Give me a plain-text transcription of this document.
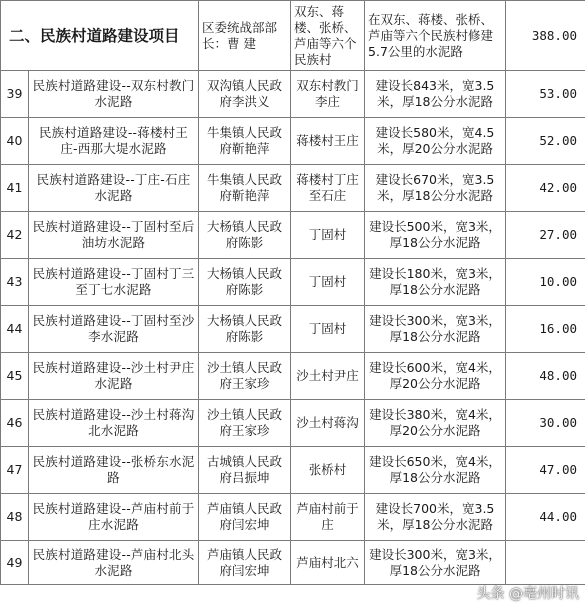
二、民族村道路建设项目		区委统战部部长：曹 建	双东、蒋楼、张桥、芦庙等六个民族村	在双东、蒋楼、张桥、芦庙等六个民族村修建5.7公里的水泥路	388.00
39	民族村道路建设--双东村教门水泥路	双沟镇人民政府李洪义	双东村教门李庄	建设长843米，宽3.5米，厚18公分水泥路	53.00
40	民族村道路建设--蒋楼村王庄-西那大堤水泥路	牛集镇人民政府靳艳萍	蒋楼村王庄	建设长580米，宽4.5米，厚20公分水泥路	52.00
41	民族村道路建设--丁庄-石庄水泥路	牛集镇人民政府靳艳萍	蒋楼村丁庄至石庄	建设长670米，宽3.5米，厚18公分水泥路	42.00
42	民族村道路建设--丁固村至后油坊水泥路	大杨镇人民政府陈影	丁固村	建设长500米，宽3米，厚18公分水泥路	27.00
43	民族村道路建设--丁固村丁三至丁七水泥路	大杨镇人民政府陈影	丁固村	建设长180米，宽3米，厚18公分水泥路	10.00
44	民族村道路建设--丁固村至沙李水泥路	大杨镇人民政府陈影	丁固村	建设长300米，宽3米，厚18公分水泥路	16.00
45	民族村道路建设--沙土村尹庄水泥路	沙土镇人民政府王家珍	沙土村尹庄	建设长600米，宽4米，厚20公分水泥路	48.00
46	民族村道路建设--沙土村蒋沟北水泥路	沙土镇人民政府王家珍	沙土村蒋沟	建设长380米，宽4米，厚20公分水泥路	30.00
47	民族村道路建设--张桥东水泥路	古城镇人民政府吕振坤	张桥村	建设长650米，宽4米，厚18公分水泥路	47.00
48	民族村道路建设--芦庙村前于庄水泥路	芦庙镇人民政府闫宏坤	芦庙村前于庄	建设长700米，宽3.5米，厚18公分水泥路	44.00
49	民族村道路建设--芦庙村北头水泥路	芦庙镇人民政府闫宏坤	芦庙村北六	建设长300米，宽3米，厚18公分水泥路	
头条 @亳州时讯
